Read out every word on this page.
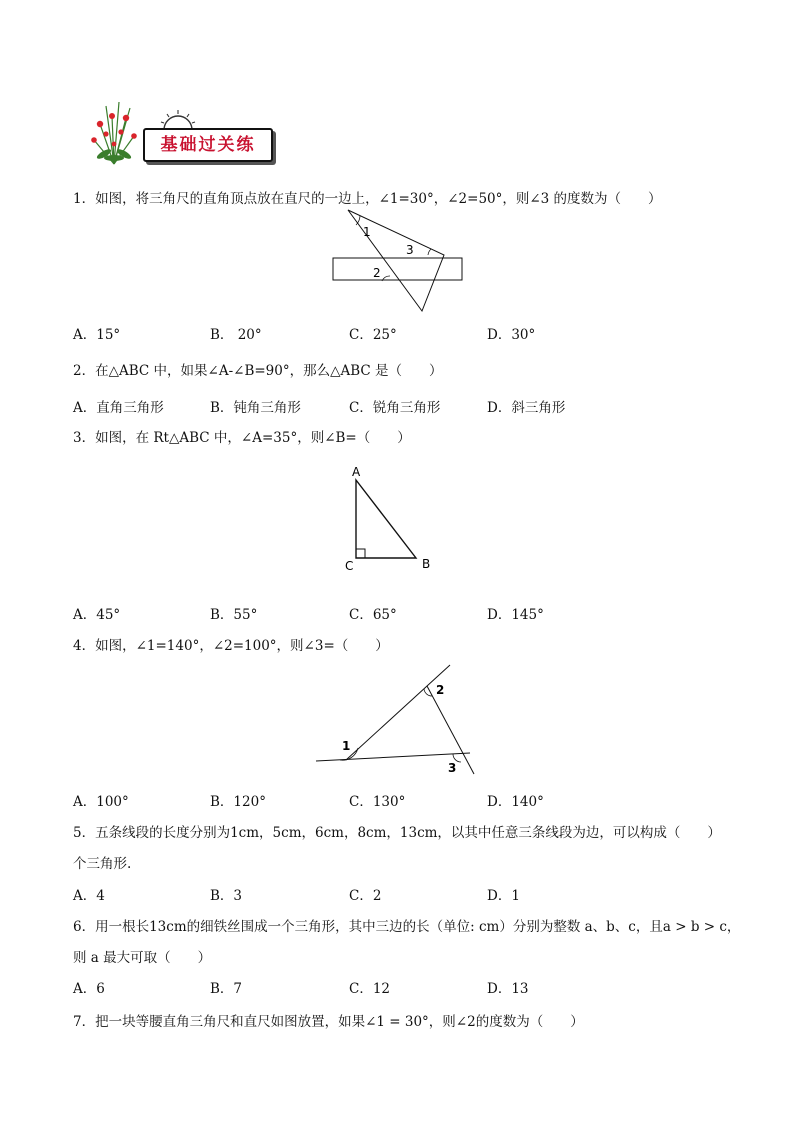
基础过关练
1．如图，将三角尺的直角顶点放在直尺的一边上，∠1=30°，∠2=50°，则∠3 的度数为（　　）
1
3
2
A．15°	B． 20°	C．25°	D．30°
2．在△ABC 中，如果∠A-∠B=90°，那么△ABC 是（　　）
A．直角三角形	B．钝角三角形	C．锐角三角形	D．斜三角形
3．如图，在 Rt△ABC 中，∠A=35°，则∠B=（　　）
A
C	B
A．45°	B．55°	C．65°	D．145°
4．如图，∠1=140°，∠2=100°，则∠3=（　　）
2
1
3
A．100°	B．120°	C．130°	D．140°
5．五条线段的长度分别为1cm，5cm，6cm，8cm，13cm，以其中任意三条线段为边，可以构成（　　）
个三角形.
A．4	B．3	C．2	D．1
6．用一根长13cm的细铁丝围成一个三角形，其中三边的长（单位: cm）分别为整数 a、b、c，且a > b > c，
则 a 最大可取（　　）
A．6	B．7	C．12	D．13
7．把一块等腰直角三角尺和直尺如图放置，如果∠1 = 30°，则∠2的度数为（　　）
